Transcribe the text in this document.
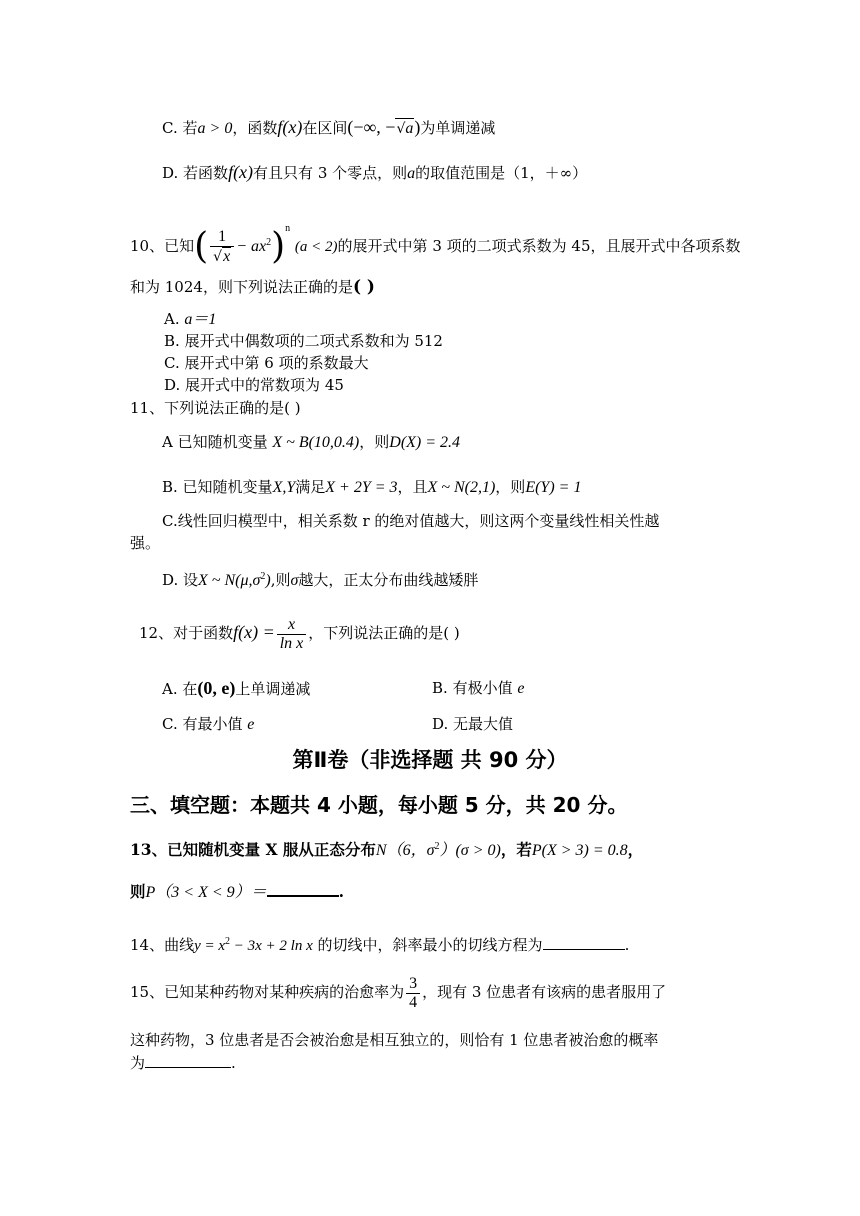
C. 若a > 0，函数f(x)在区间(−∞, −√a)为单调递减
D. 若函数f(x)有且只有 3 个零点，则a的取值范围是（1，＋∞）
10、已知( $\frac{1}{√x} - ax^2)^n$ (a < 2)的展开式中第 3 项的二项式系数为 45，且展开式中各项系数
和为 1024，则下列说法正确的是( )
A. a＝1
B. 展开式中偶数项的二项式系数和为 512
C. 展开式中第 6 项的系数最大
D. 展开式中的常数项为 45
11、下列说法正确的是( )
A 已知随机变量 X ~ B(10,0.4)，则D(X) = 2.4
B. 已知随机变量X,Y满足X + 2Y = 3，且X ~ N(2,1)，则E(Y) = 1
C.线性回归模型中，相关系数 r 的绝对值越大，则这两个变量线性相关性越
强。
D. 设X ~ $N(\mu,\sigma^2)$,则σ越大，正太分布曲线越矮胖
12、对于函数$f(x) = \frac{x}{\text{ln x}}$ ，下列说法正确的是( )
A. 在(0, e)上单调递减	B. 有极小值 e
C. 有最小值 e	D. 无最大值
第Ⅱ卷（非选择题 共 90 分）
三、填空题：本题共 4 小题，每小题 5 分，共 20 分。
13、已知随机变量 X 服从正态分布N（6，$\sigma^2)(\sigma > 0)$，若P(X > 3) = 0.8，
则P（3 < X < 9）＝	.
14、曲线$y = x^2 - 3x + 2$ ln x 的切线中，斜率最小的切线方程为	.
15、已知某种药物对某种疾病的治愈率为 $\frac{3}{4}$ ，现有 3 位患者有该病的患者服用了
这种药物，3 位患者是否会被治愈是相互独立的，则恰有 1 位患者被治愈的概率
为	.
